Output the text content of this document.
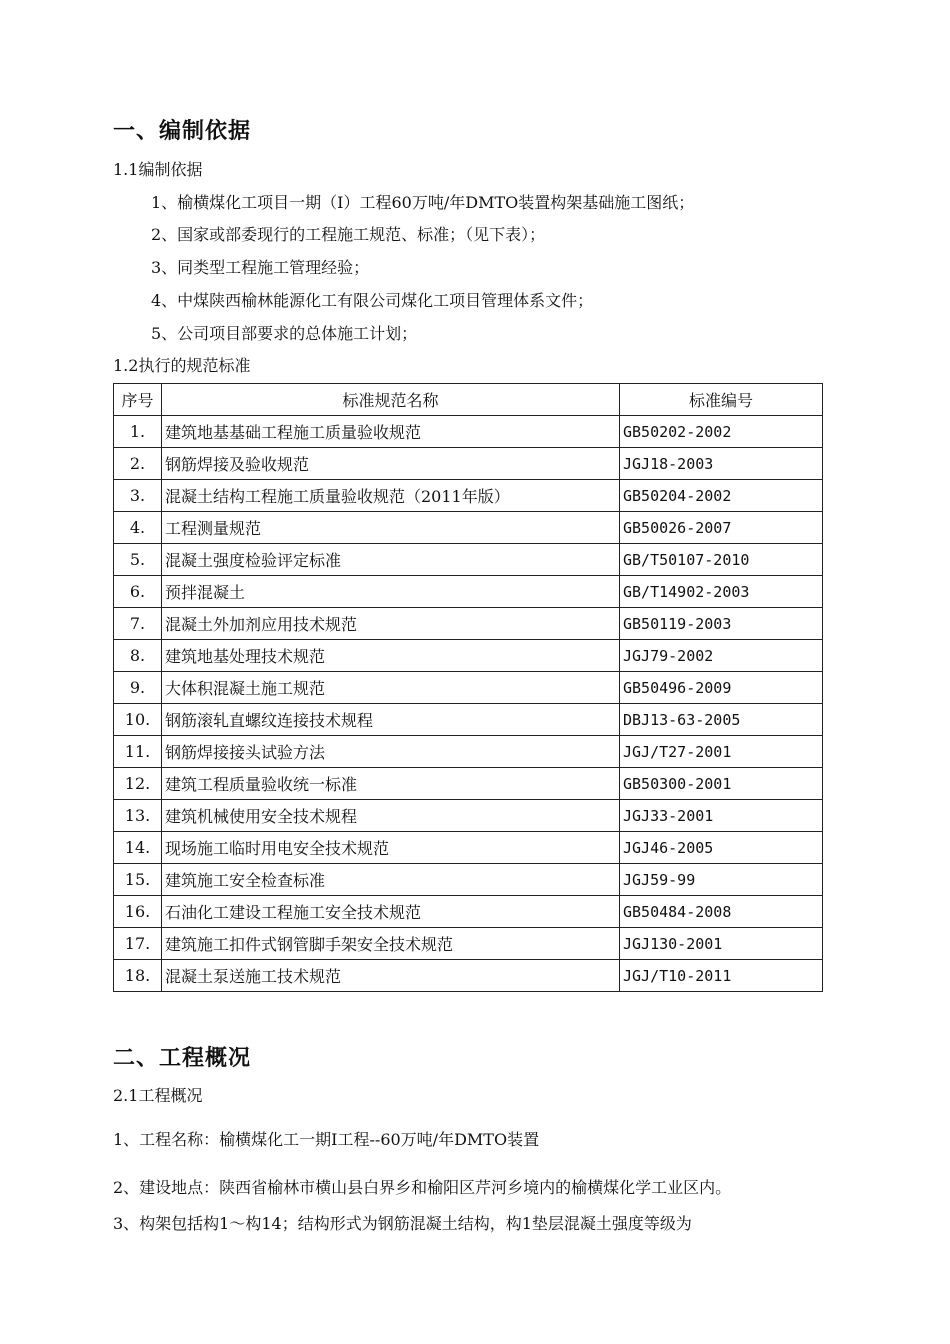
一、编制依据
1.1编制依据
1、榆横煤化工项目一期（Ⅰ）工程60万吨/年DMTO装置构架基础施工图纸；
2、国家或部委现行的工程施工规范、标准；（见下表）；
3、同类型工程施工管理经验；
4、中煤陕西榆林能源化工有限公司煤化工项目管理体系文件；
5、公司项目部要求的总体施工计划；
1.2执行的规范标准
序号	标准规范名称	标准编号
1.	建筑地基基础工程施工质量验收规范	GB50202-2002
2.	钢筋焊接及验收规范	JGJ18-2003
3.	混凝土结构工程施工质量验收规范（2011年版）	GB50204-2002
4.	工程测量规范	GB50026-2007
5.	混凝土强度检验评定标准	GB/T50107-2010
6.	预拌混凝土	GB/T14902-2003
7.	混凝土外加剂应用技术规范	GB50119-2003
8.	建筑地基处理技术规范	JGJ79-2002
9.	大体积混凝土施工规范	GB50496-2009
10.	钢筋滚轧直螺纹连接技术规程	DBJ13-63-2005
11.	钢筋焊接接头试验方法	JGJ/T27-2001
12.	建筑工程质量验收统一标准	GB50300-2001
13.	建筑机械使用安全技术规程	JGJ33-2001
14.	现场施工临时用电安全技术规范	JGJ46-2005
15.	建筑施工安全检查标准	JGJ59-99
16.	石油化工建设工程施工安全技术规范	GB50484-2008
17.	建筑施工扣件式钢管脚手架安全技术规范	JGJ130-2001
18.	混凝土泵送施工技术规范	JGJ/T10-2011
二、工程概况
2.1工程概况
1、工程名称：榆横煤化工一期Ⅰ工程--60万吨/年DMTO装置
2、建设地点：陕西省榆林市横山县白界乡和榆阳区芹河乡境内的榆横煤化学工业区内。
3、构架包括构1～构14；结构形式为钢筋混凝土结构，构1垫层混凝土强度等级为
